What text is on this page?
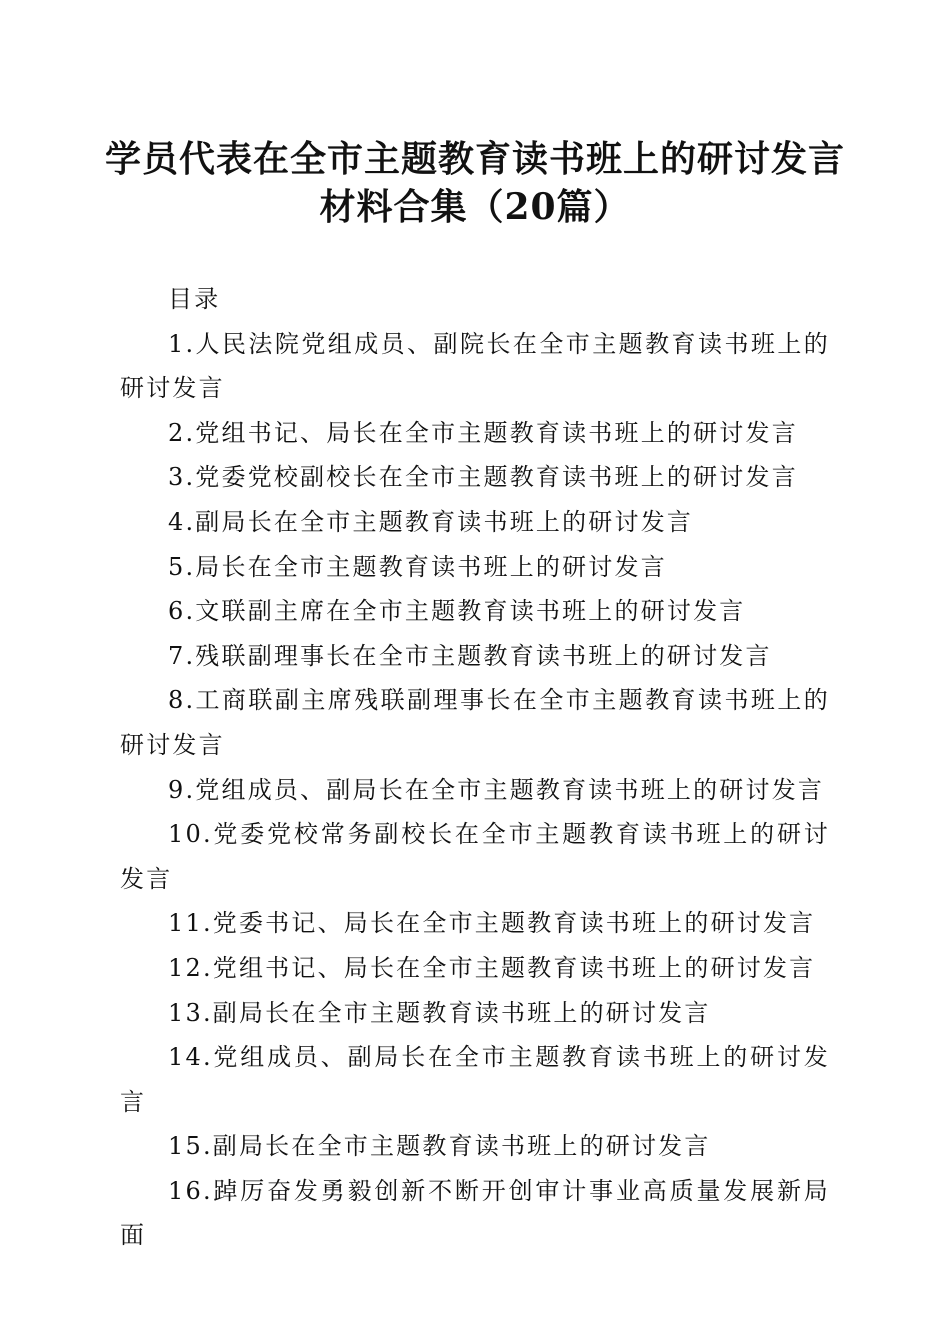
学员代表在全市主题教育读书班上的研讨发言
材料合集（20篇）

目录

1.人民法院党组成员、副院长在全市主题教育读书班上的研讨发言
2.党组书记、局长在全市主题教育读书班上的研讨发言
3.党委党校副校长在全市主题教育读书班上的研讨发言
4.副局长在全市主题教育读书班上的研讨发言
5.局长在全市主题教育读书班上的研讨发言
6.文联副主席在全市主题教育读书班上的研讨发言
7.残联副理事长在全市主题教育读书班上的研讨发言
8.工商联副主席残联副理事长在全市主题教育读书班上的研讨发言
9.党组成员、副局长在全市主题教育读书班上的研讨发言
10.党委党校常务副校长在全市主题教育读书班上的研讨发言
11.党委书记、局长在全市主题教育读书班上的研讨发言
12.党组书记、局长在全市主题教育读书班上的研讨发言
13.副局长在全市主题教育读书班上的研讨发言
14.党组成员、副局长在全市主题教育读书班上的研讨发言
15.副局长在全市主题教育读书班上的研讨发言
16.踔厉奋发勇毅创新不断开创审计事业高质量发展新局面
